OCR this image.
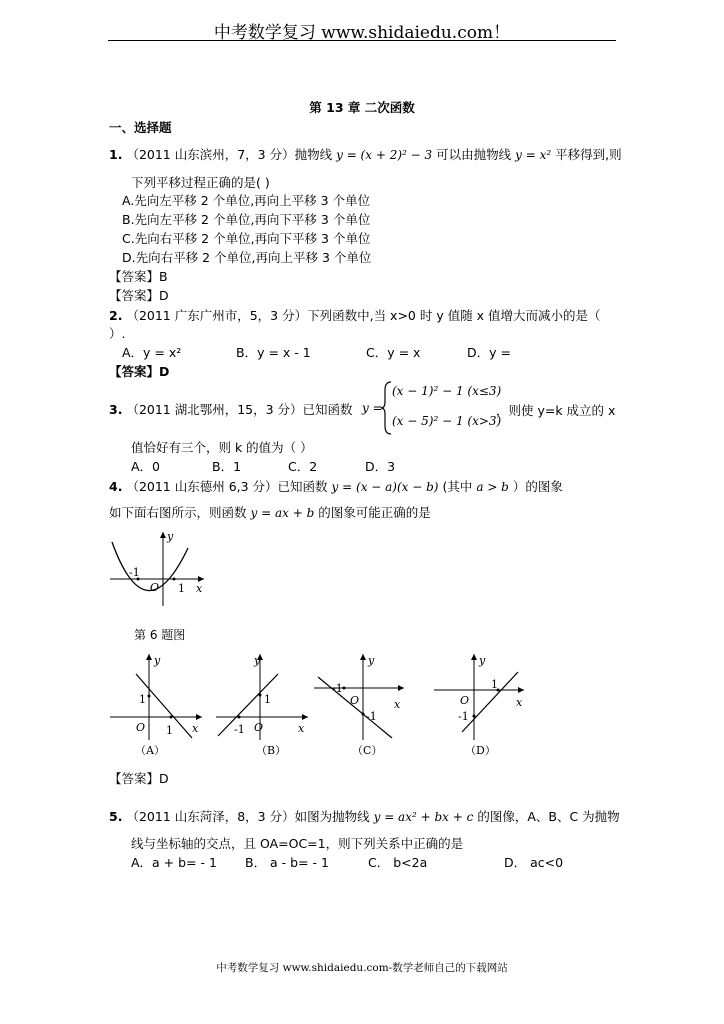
中考数学复习 www.shidaiedu.com！
第 13 章 二次函数
一、选择题
1. （2011 山东滨州，7，3 分）抛物线 y = (x + 2)² − 3 可以由抛物线 y = x² 平移得到,则
下列平移过程正确的是( )
A.先向左平移 2 个单位,再向上平移 3 个单位
B.先向左平移 2 个单位,再向下平移 3 个单位
C.先向右平移 2 个单位,再向下平移 3 个单位
D.先向右平移 2 个单位,再向上平移 3 个单位
【答案】B
【答案】D
2. （2011 广东广州市，5，3 分）下列函数中,当 x>0 时 y 值随 x 值增大而减小的是（
）.
A．y = x²	B．y = x - 1	C．y = x	D．y =
【答案】D
3. （2011 湖北鄂州，15，3 分）已知函数 y =
(x − 1)² − 1 (x≤3)
(x − 5)² − 1 (x>3)
，则使 y=k 成立的 x
值恰好有三个，则 k 的值为（ ）
A．0	B．1	C．2	D．3
4. （2011 山东德州 6,3 分）已知函数 y = (x − a)(x − b) (其中 a > b ）的图象
如下面右图所示，则函数 y = ax + b 的图象可能正确的是
y
x
-1
O 1
第 6 题图
y
x
1
O 1
（A）
y
x
1
-1 O
（B）
y
x
-1
O
-1
（C）
y
x
O
1
-1
（D）
【答案】D
5. （2011 山东菏泽，8，3 分）如图为抛物线 y = ax² + bx + c 的图像，A、B、C 为抛物
线与坐标轴的交点，且 OA=OC=1，则下列关系中正确的是
A．a + b= - 1 B． a - b= - 1	C． b<2a	D． ac<0
中考数学复习 www.shidaiedu.com-数学老师自己的下载网站
